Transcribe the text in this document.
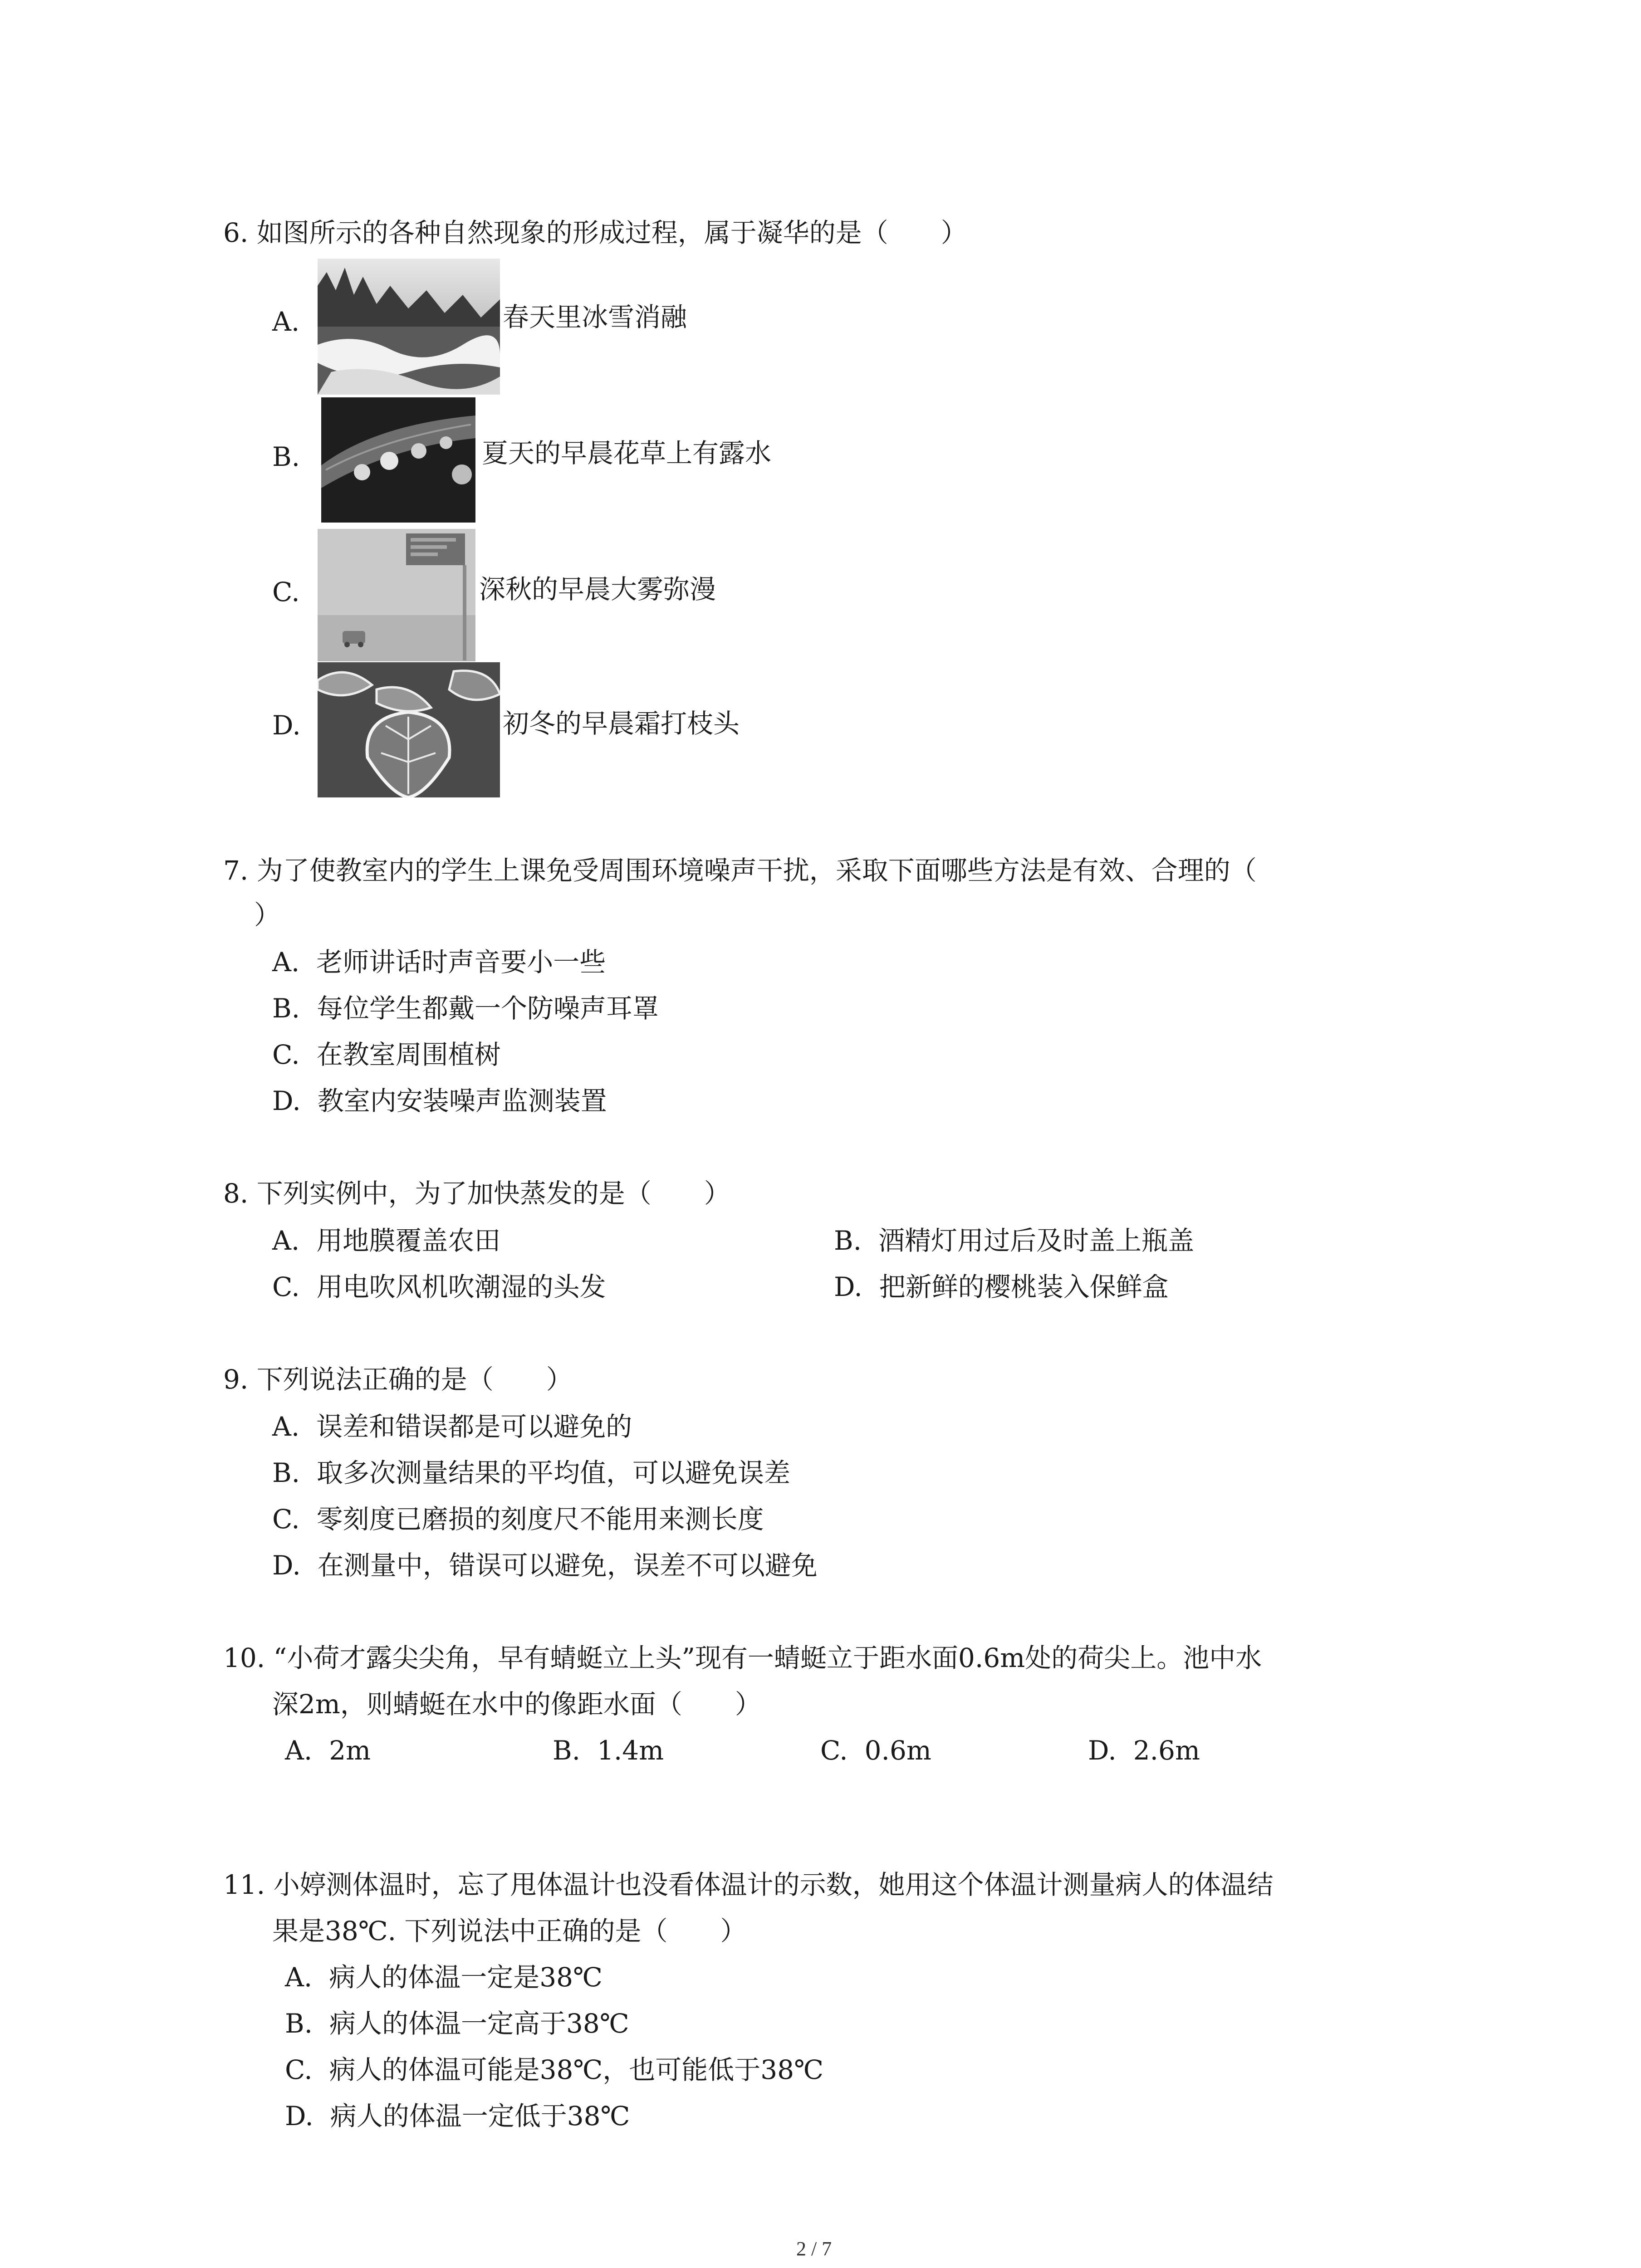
6. 如图所示的各种自然现象的形成过程，属于凝华的是（　　）
A.	春天里冰雪消融
B.	夏天的早晨花草上有露水
C.	深秋的早晨大雾弥漫
D.	初冬的早晨霜打枝头
7. 为了使教室内的学生上课免受周围环境噪声干扰，采取下面哪些方法是有效、合理的（
）
A. 老师讲话时声音要小一些
B. 每位学生都戴一个防噪声耳罩
C. 在教室周围植树
D. 教室内安装噪声监测装置
8. 下列实例中，为了加快蒸发的是（　　）
A. 用地膜覆盖农田	B. 酒精灯用过后及时盖上瓶盖
C. 用电吹风机吹潮湿的头发	D. 把新鲜的樱桃装入保鲜盒
9. 下列说法正确的是（　　）
A. 误差和错误都是可以避免的
B. 取多次测量结果的平均值，可以避免误差
C. 零刻度已磨损的刻度尺不能用来测长度
D. 在测量中，错误可以避免，误差不可以避免
10. “小荷才露尖尖角，早有蜻蜓立上头”现有一蜻蜓立于距水面0.6m处的荷尖上。池中水
深2m，则蜻蜓在水中的像距水面（　　）
A. 2m	B. 1.4m	C. 0.6m	D. 2.6m
11. 小婷测体温时，忘了甩体温计也没看体温计的示数，她用这个体温计测量病人的体温结
果是38℃. 下列说法中正确的是（　　）
A. 病人的体温一定是38℃
B. 病人的体温一定高于38℃
C. 病人的体温可能是38℃，也可能低于38℃
D. 病人的体温一定低于38℃
2 / 7
